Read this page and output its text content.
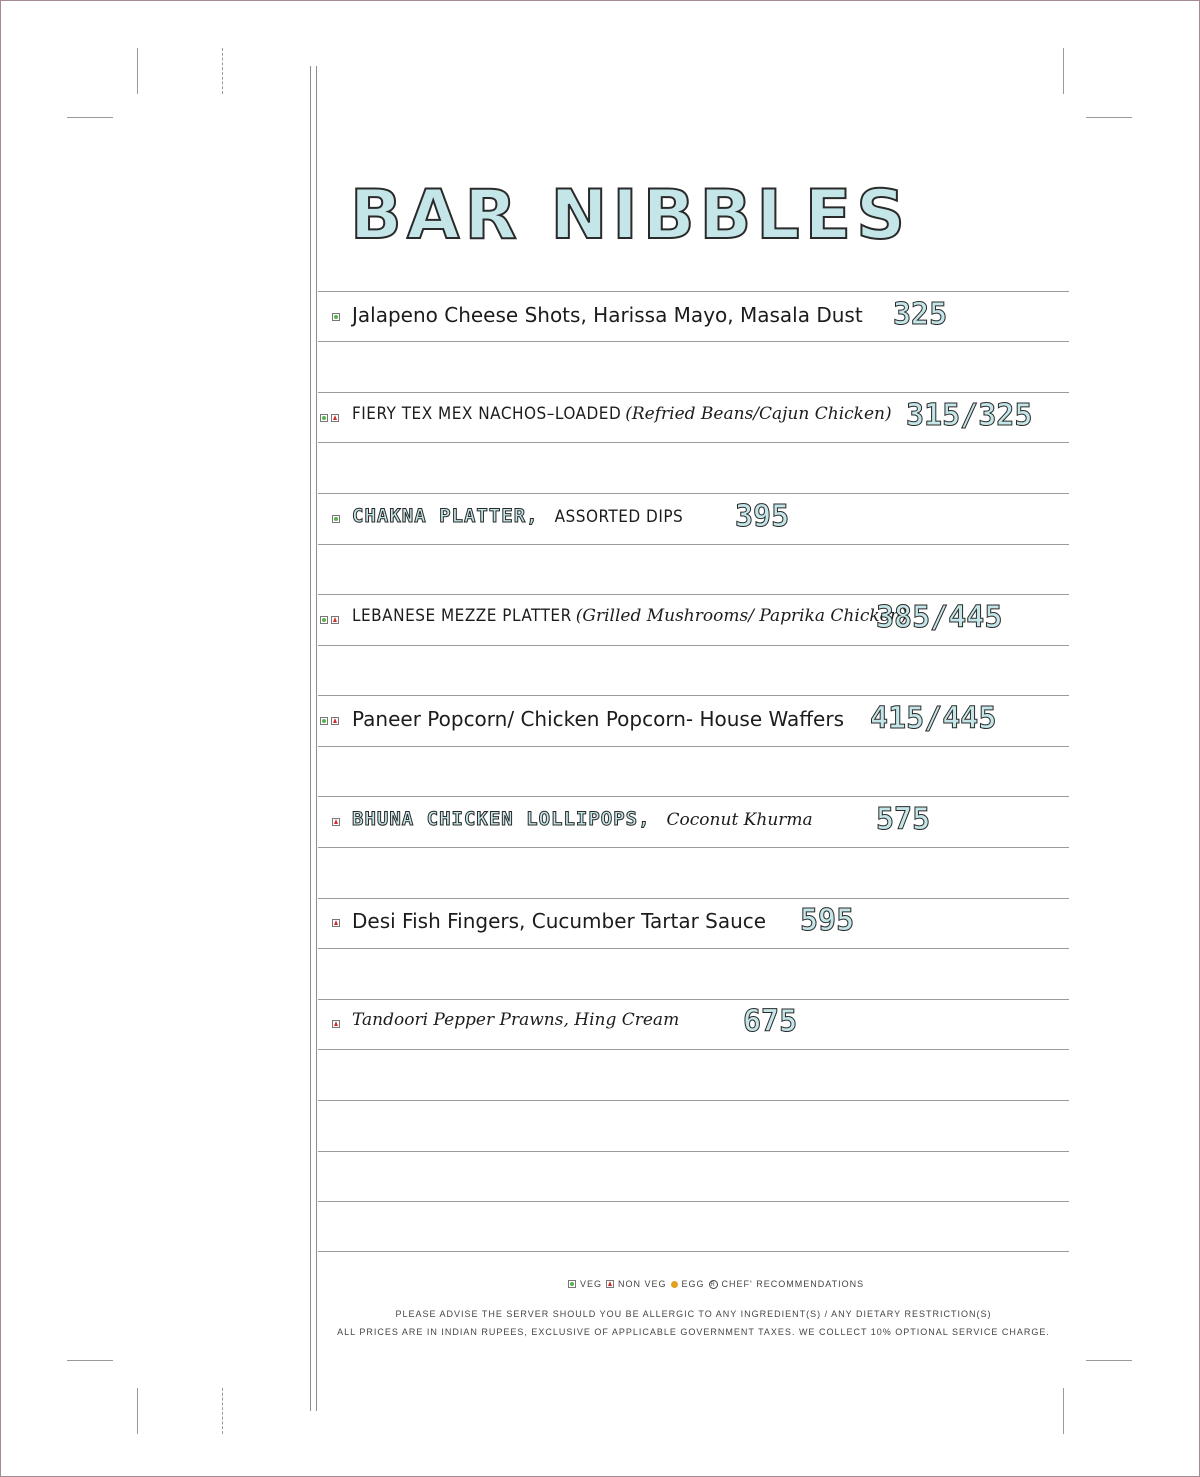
BAR NIBBLES
Jalapeno Cheese Shots, Harissa Mayo, Masala Dust 325
FIERY TEX MEX NACHOS–LOADED (Refried Beans/Cajun Chicken) 315/325
CHAKNA PLATTER, ASSORTED DIPS 395
LEBANESE MEZZE PLATTER (Grilled Mushrooms/ Paprika Chicken)
385/445
Paneer Popcorn/ Chicken Popcorn- House Waffers 415/445
BHUNA CHICKEN LOLLIPOPS, Coconut Khurma 575
Desi Fish Fingers, Cucumber Tartar Sauce 595
Tandoori Pepper Prawns, Hing Cream 675
VEG NON VEG EGG R CHEF' RECOMMENDATIONS
PLEASE ADVISE THE SERVER SHOULD YOU BE ALLERGIC TO ANY INGREDIENT(S) / ANY DIETARY RESTRICTION(S)
ALL PRICES ARE IN INDIAN RUPEES, EXCLUSIVE OF APPLICABLE GOVERNMENT TAXES. WE COLLECT 10% OPTIONAL SERVICE CHARGE.
